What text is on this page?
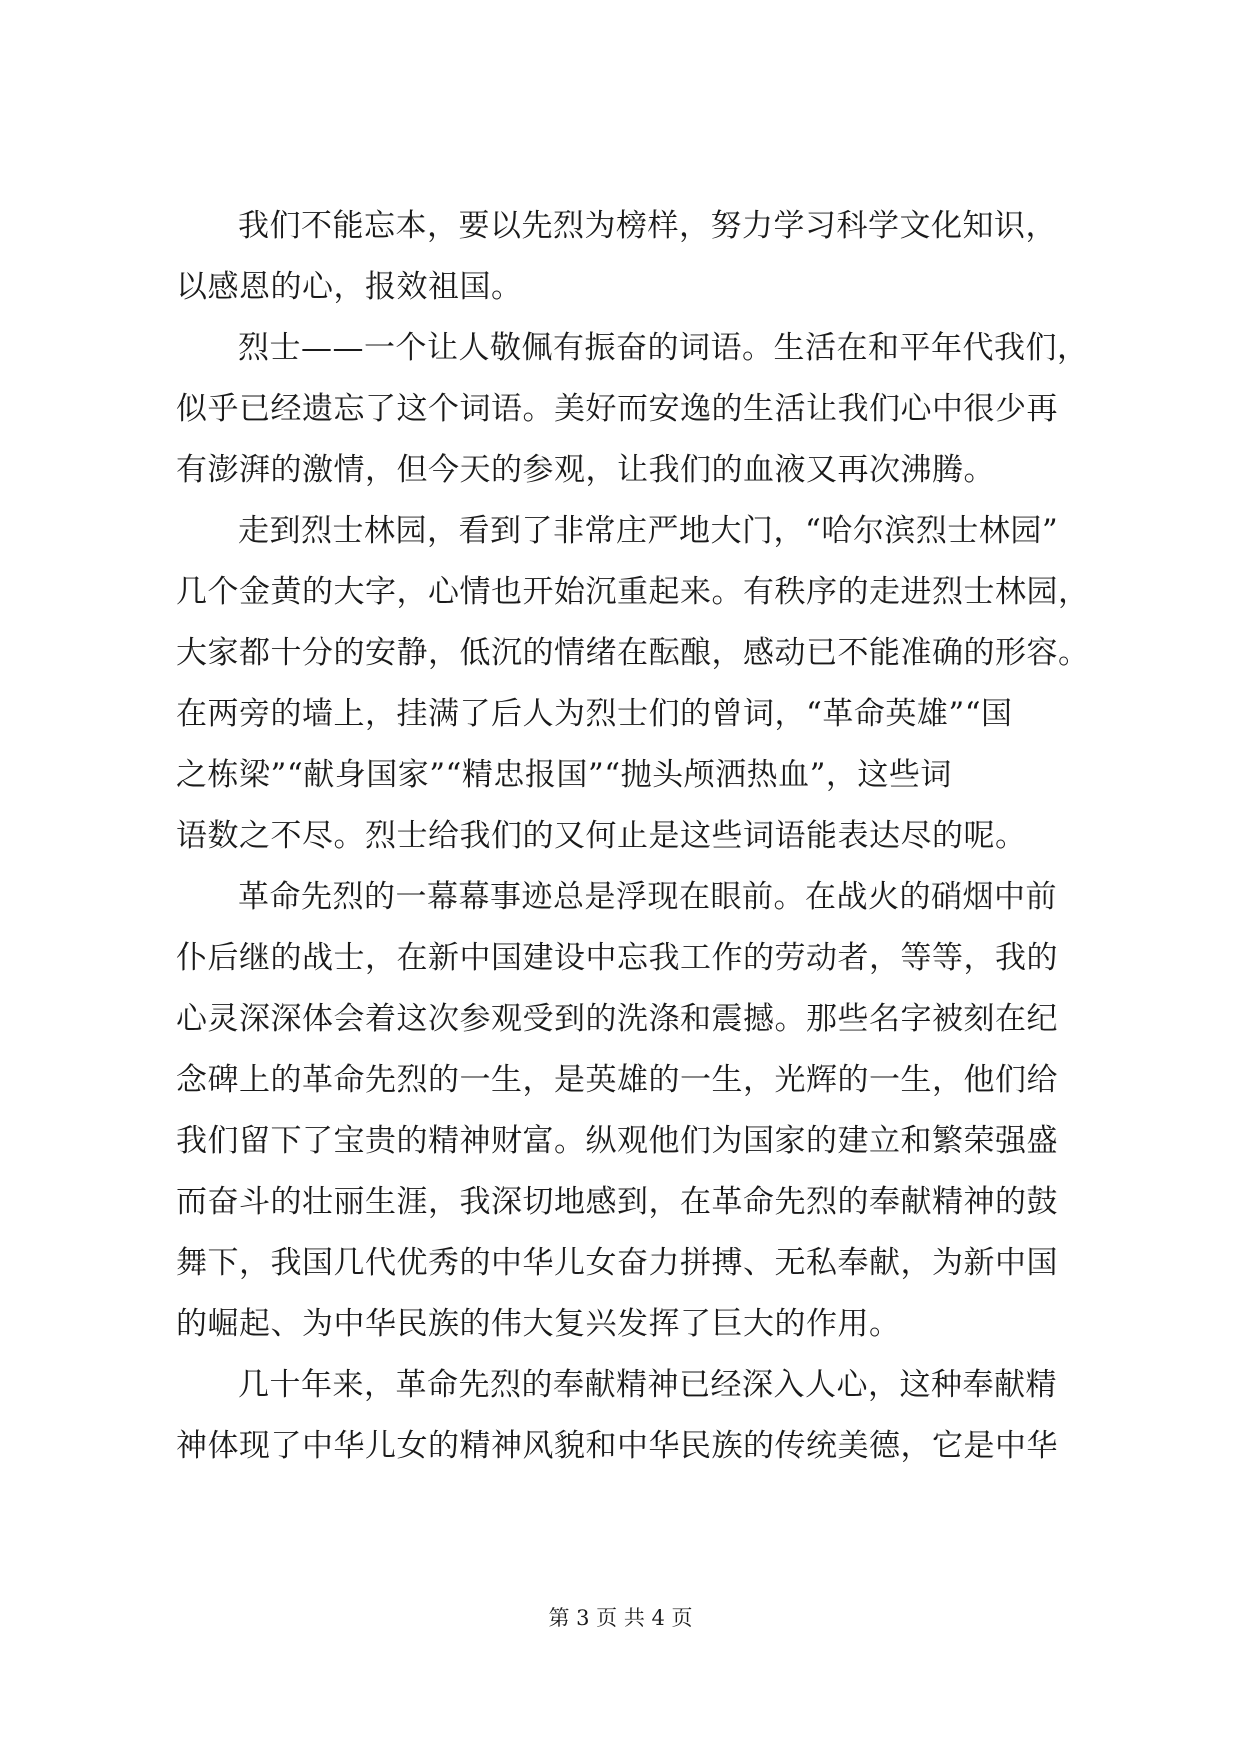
我们不能忘本，要以先烈为榜样，努力学习科学文化知识，
以感恩的心，报效祖国。
烈士——一个让人敬佩有振奋的词语。生活在和平年代我们，
似乎已经遗忘了这个词语。美好而安逸的生活让我们心中很少再
有澎湃的激情，但今天的参观，让我们的血液又再次沸腾。
走到烈士林园，看到了非常庄严地大门，“哈尔滨烈士林园”
几个金黄的大字，心情也开始沉重起来。有秩序的走进烈士林园，
大家都十分的安静，低沉的情绪在酝酿，感动已不能准确的形容。
在两旁的墙上，挂满了后人为烈士们的曾词，“革命英雄”“国
之栋梁”“献身国家”“精忠报国”“抛头颅洒热血”，这些词
语数之不尽。烈士给我们的又何止是这些词语能表达尽的呢。
革命先烈的一幕幕事迹总是浮现在眼前。在战火的硝烟中前
仆后继的战士，在新中国建设中忘我工作的劳动者，等等，我的
心灵深深体会着这次参观受到的洗涤和震撼。那些名字被刻在纪
念碑上的革命先烈的一生，是英雄的一生，光辉的一生，他们给
我们留下了宝贵的精神财富。纵观他们为国家的建立和繁荣强盛
而奋斗的壮丽生涯，我深切地感到，在革命先烈的奉献精神的鼓
舞下，我国几代优秀的中华儿女奋力拼搏、无私奉献，为新中国
的崛起、为中华民族的伟大复兴发挥了巨大的作用。
几十年来，革命先烈的奉献精神已经深入人心，这种奉献精
神体现了中华儿女的精神风貌和中华民族的传统美德，它是中华
第 3 页 共 4 页
